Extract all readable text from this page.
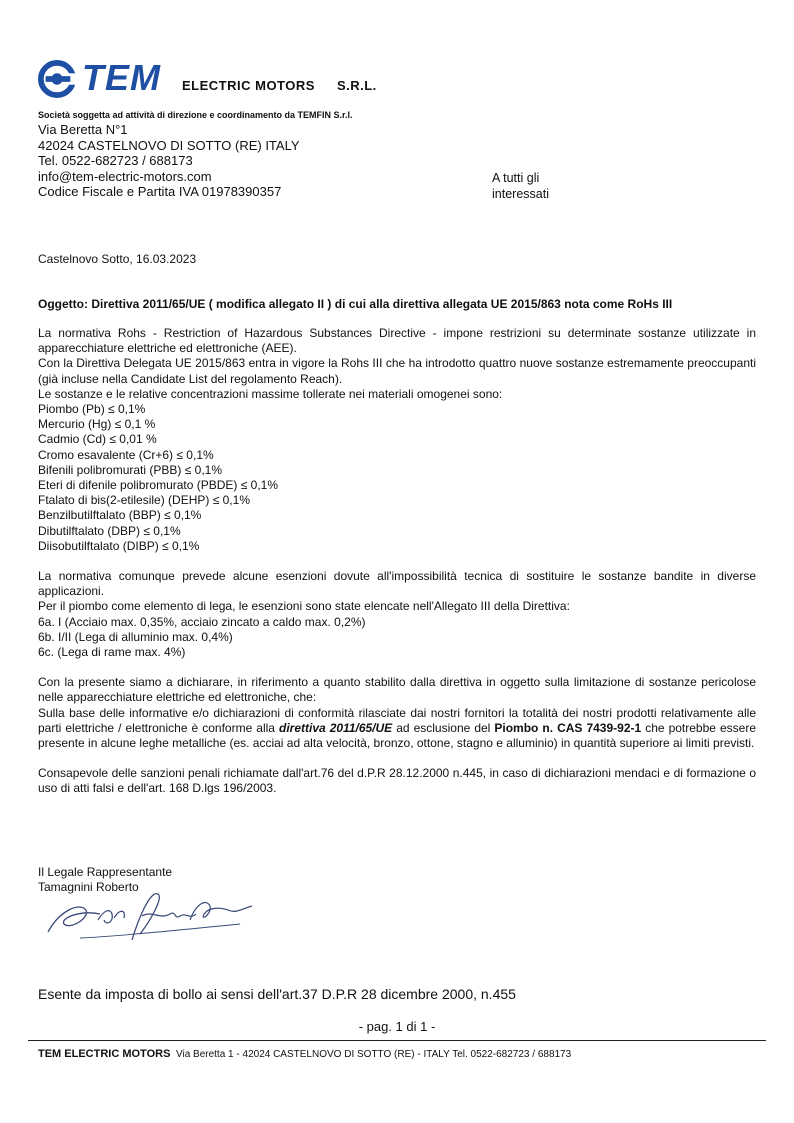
TEM ELECTRIC MOTORS S.R.L.
Società soggetta ad attività di direzione e coordinamento da TEMFIN S.r.l.
Via Beretta N°1
42024 CASTELNOVO DI SOTTO (RE) ITALY
Tel. 0522-682723 / 688173
info@tem-electric-motors.com
Codice Fiscale e Partita IVA 01978390357
A tutti gli
interessati
Castelnovo Sotto, 16.03.2023
Oggetto: Direttiva 2011/65/UE ( modifica allegato II ) di cui alla direttiva allegata UE 2015/863 nota come RoHs III

La normativa Rohs - Restriction of Hazardous Substances Directive - impone restrizioni su determinate sostanze utilizzate in apparecchiature elettriche ed elettroniche (AEE).

Con la Direttiva Delegata UE 2015/863 entra in vigore la Rohs III che ha introdotto quattro nuove sostanze estremamente preoccupanti (già incluse nella Candidate List del regolamento Reach).

Le sostanze e le relative concentrazioni massime tollerate nei materiali omogenei sono:

Piombo (Pb) ≤ 0,1%
Mercurio (Hg) ≤ 0,1 %
Cadmio (Cd) ≤ 0,01 %
Cromo esavalente (Cr+6) ≤ 0,1%
Bifenili polibromurati (PBB) ≤ 0,1%
Eteri di difenile polibromurato (PBDE) ≤ 0,1%
Ftalato di bis(2-etilesile) (DEHP) ≤ 0,1%
Benzilbutilftalato (BBP) ≤ 0,1%
Dibutilftalato (DBP) ≤ 0,1%
Diisobutilftalato (DIBP) ≤ 0,1%

La normativa comunque prevede alcune esenzioni dovute all'impossibilità tecnica di sostituire le sostanze bandite in diverse applicazioni.

Per il piombo come elemento di lega, le esenzioni sono state elencate nell'Allegato III della Direttiva:

6a. I (Acciaio max. 0,35%, acciaio zincato a caldo max. 0,2%)
6b. I/II (Lega di alluminio max. 0,4%)
6c. (Lega di rame max. 4%)

Con la presente siamo a dichiarare, in riferimento a quanto stabilito dalla direttiva in oggetto sulla limitazione di sostanze pericolose nelle apparecchiature elettriche ed elettroniche, che:

Sulla base delle informative e/o dichiarazioni di conformità rilasciate dai nostri fornitori la totalità dei nostri prodotti relativamente alle parti elettriche / elettroniche è conforme alla direttiva 2011/65/UE ad esclusione del Piombo n. CAS 7439-92-1 che potrebbe essere presente in alcune leghe metalliche (es. acciai ad alta velocità, bronzo, ottone, stagno e alluminio) in quantità superiore ai limiti previsti.

Consapevole delle sanzioni penali richiamate dall'art.76 del d.P.R 28.12.2000 n.445, in caso di dichiarazioni mendaci e di formazione o uso di atti falsi e dell'art. 168 D.lgs 196/2003.

Il Legale Rappresentante
Tamagnini Roberto
Esente da imposta di bollo ai sensi dell'art.37 D.P.R 28 dicembre 2000, n.455
- pag. 1 di 1 -
TEM ELECTRIC MOTORS Via Beretta 1 - 42024 CASTELNOVO DI SOTTO (RE) - ITALY Tel. 0522-682723 / 688173
